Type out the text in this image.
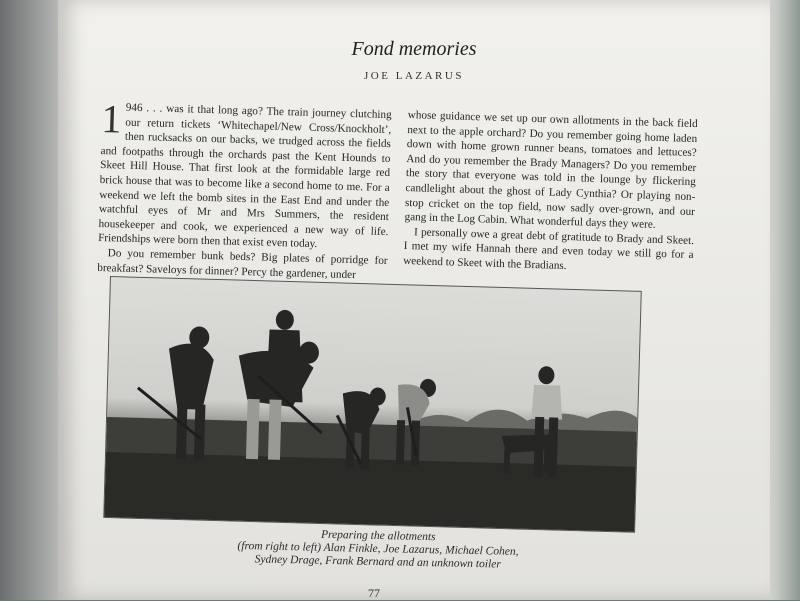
Fond memories
JOE LAZARUS

1 946 . . . was it that long ago? The train journey clutching our return tickets ‘Whitechapel/New Cross/Knockholt’, then rucksacks on our backs, we trudged across the fields and footpaths through the orchards past the Kent Hounds to Skeet Hill House. That first look at the formidable large red brick house that was to become like a second home to me. For a weekend we left the bomb sites in the East End and under the watchful eyes of Mr and Mrs Summers, the resident housekeeper and cook, we experienced a new way of life. Friendships were born then that exist even today.

Do you remember bunk beds? Big plates of porridge for breakfast? Saveloys for dinner? Percy the gardener, under

whose guidance we set up our own allotments in the back field next to the apple orchard? Do you remember going home laden down with home grown runner beans, tomatoes and lettuces? And do you remember the Brady Managers? Do you remember the story that everyone was told in the lounge by flickering candlelight about the ghost of Lady Cynthia? Or playing non-stop cricket on the top field, now sadly over-grown, and our gang in the Log Cabin. What wonderful days they were.

I personally owe a great debt of gratitude to Brady and Skeet. I met my wife Hannah there and even today we still go for a weekend to Skeet with the Bradians.

Preparing the allotments
(from right to left) Alan Finkle, Joe Lazarus, Michael Cohen,
Sydney Drage, Frank Bernard and an unknown toiler
77
